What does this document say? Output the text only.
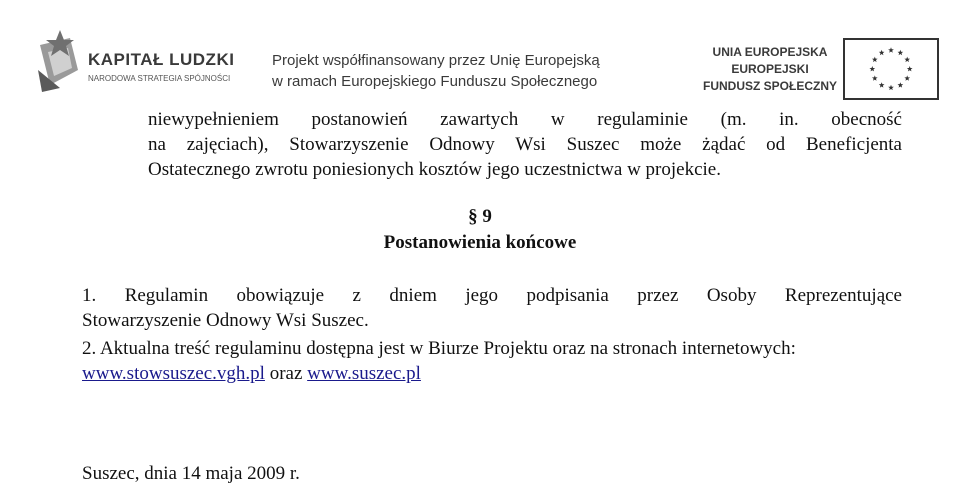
KAPITAŁ LUDZKI
NARODOWA STRATEGIA SPÓJNOŚCI
Projekt współfinansowany przez Unię Europejską
w ramach Europejskiego Funduszu Społecznego
UNIA EUROPEJSKA
EUROPEJSKI
FUNDUSZ SPOŁECZNY
niewypełnieniem postanowień zawartych w regulaminie (m. in. obecność
na zajęciach), Stowarzyszenie Odnowy Wsi Suszec może żądać od Beneficjenta
Ostatecznego zwrotu poniesionych kosztów jego uczestnictwa w projekcie.
§ 9
Postanowienia końcowe
1. Regulamin obowiązuje z dniem jego podpisania przez Osoby Reprezentujące
Stowarzyszenie Odnowy Wsi Suszec.
2. Aktualna treść regulaminu dostępna jest w Biurze Projektu oraz na stronach internetowych:
www.stowsuszec.vgh.pl oraz www.suszec.pl
Suszec, dnia 14 maja 2009 r.
